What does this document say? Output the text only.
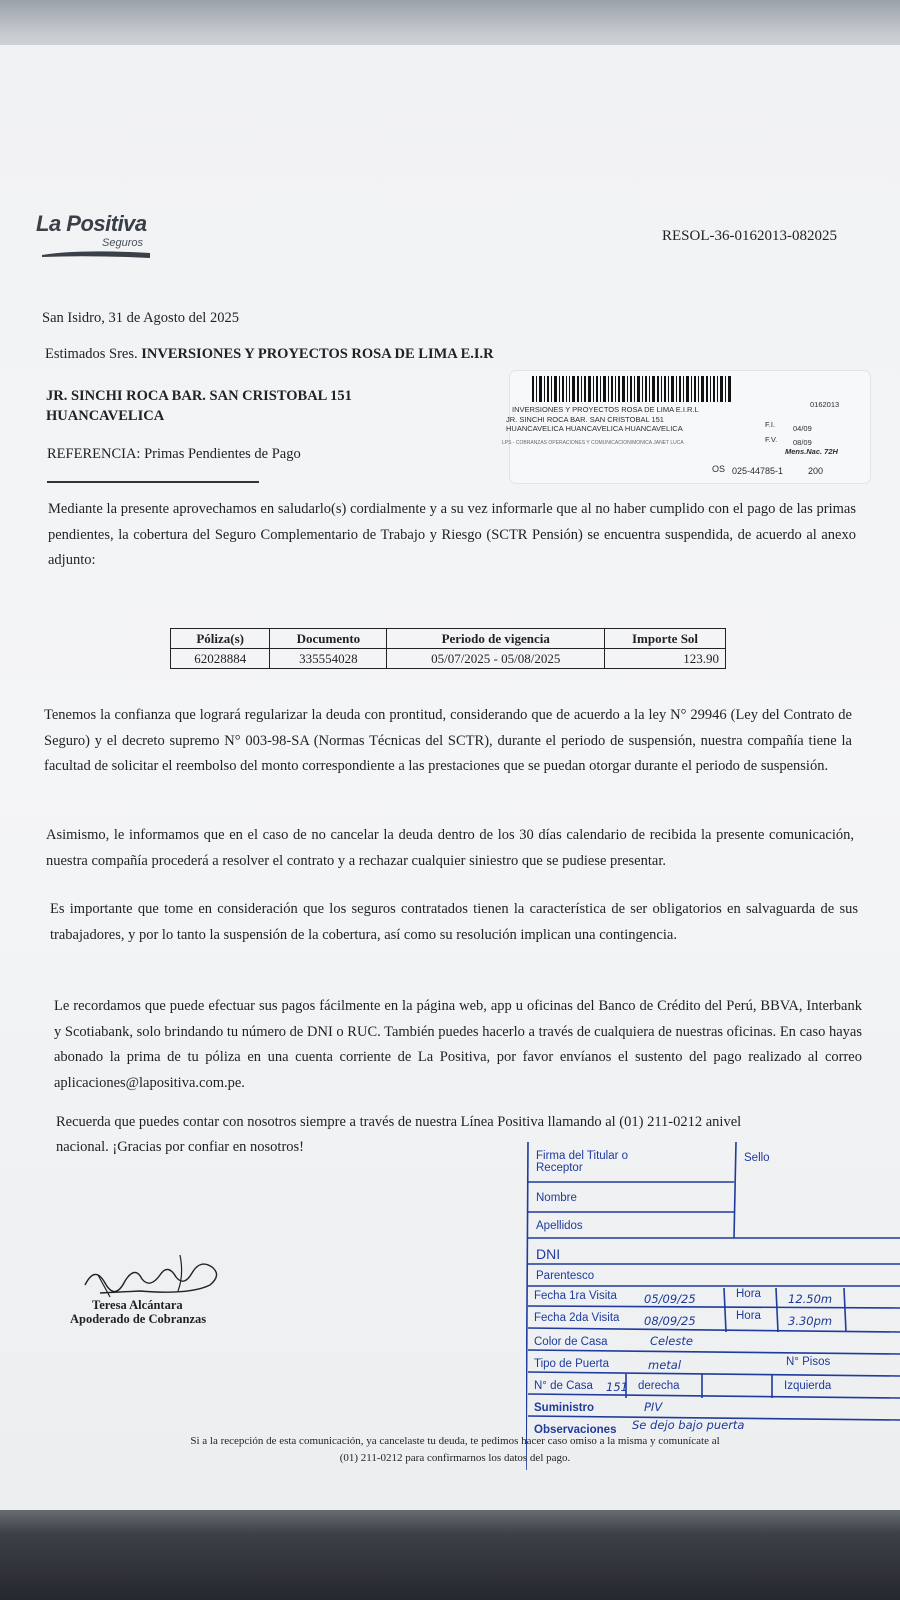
La Positiva
Seguros	RESOL-36-0162013-082025
San Isidro, 31 de Agosto del 2025
Estimados Sres. INVERSIONES Y PROYECTOS ROSA DE LIMA E.I.R
JR. SINCHI ROCA BAR. SAN CRISTOBAL 151
HUANCAVELICA
REFERENCIA: Primas Pendientes de Pago
0162013
INVERSIONES Y PROYECTOS ROSA DE LIMA E.I.R.L
JR. SINCHI ROCA BAR. SAN CRISTOBAL 151
HUANCAVELICA HUANCAVELICA HUANCAVELICA	F.I. 04/09
F.V. 08/09
LPS - COBRANZAS OPERACIONES Y COMUNICACION/MONICA JANET LUCA
Mens.Nac. 72H
OS 025-44785-1	200
Mediante la presente aprovechamos en saludarlo(s) cordialmente y a su vez informarle que al no haber cumplido con el pago de las primas pendientes, la cobertura del Seguro Complementario de Trabajo y Riesgo (SCTR Pensión) se encuentra suspendida, de acuerdo al anexo adjunto:
Póliza(s)	Documento	Periodo de vigencia	Importe Sol
62028884	335554028	05/07/2025 - 05/08/2025	123.90
Tenemos la confianza que logrará regularizar la deuda con prontitud, considerando que de acuerdo a la ley N° 29946 (Ley del Contrato de Seguro) y el decreto supremo N° 003-98-SA (Normas Técnicas del SCTR), durante el periodo de suspensión, nuestra compañía tiene la facultad de solicitar el reembolso del monto correspondiente a las prestaciones que se puedan otorgar durante el periodo de suspensión.
Asimismo, le informamos que en el caso de no cancelar la deuda dentro de los 30 días calendario de recibida la presente comunicación, nuestra compañía procederá a resolver el contrato y a rechazar cualquier siniestro que se pudiese presentar.
Es importante que tome en consideración que los seguros contratados tienen la característica de ser obligatorios en salvaguarda de sus trabajadores, y por lo tanto la suspensión de la cobertura, así como su resolución implican una contingencia.
Le recordamos que puede efectuar sus pagos fácilmente en la página web, app u oficinas del Banco de Crédito del Perú, BBVA, Interbank y Scotiabank, solo brindando tu número de DNI o RUC. También puedes hacerlo a través de cualquiera de nuestras oficinas. En caso hayas abonado la prima de tu póliza en una cuenta corriente de La Positiva, por favor envíanos el sustento del pago realizado al correo aplicaciones@lapositiva.com.pe.
Recuerda que puedes contar con nosotros siempre a través de nuestra Línea Positiva llamando al (01) 211-0212 anivel
nacional. ¡Gracias por confiar en nosotros!
Teresa Alcántara
Apoderado de Cobranzas
Firma del Titular o Receptor
Sello
Nombre
Apellidos
DNI
Parentesco
Fecha 1ra Visita 05/09/25	Hora 12.50m
Fecha 2da Visita 08/09/25	Hora 3.30pm
Color de Casa	Celeste
Tipo de Puerta	metal	N° Pisos
N° de Casa 151 derecha	Izquierda
Suministro	PIV
Observaciones Se dejo bajo puerta
Si a la recepción de esta comunicación, ya cancelaste tu deuda, te pedimos hacer caso omiso a la misma y comunícate al
(01) 211-0212 para confirmarnos los datos del pago.
